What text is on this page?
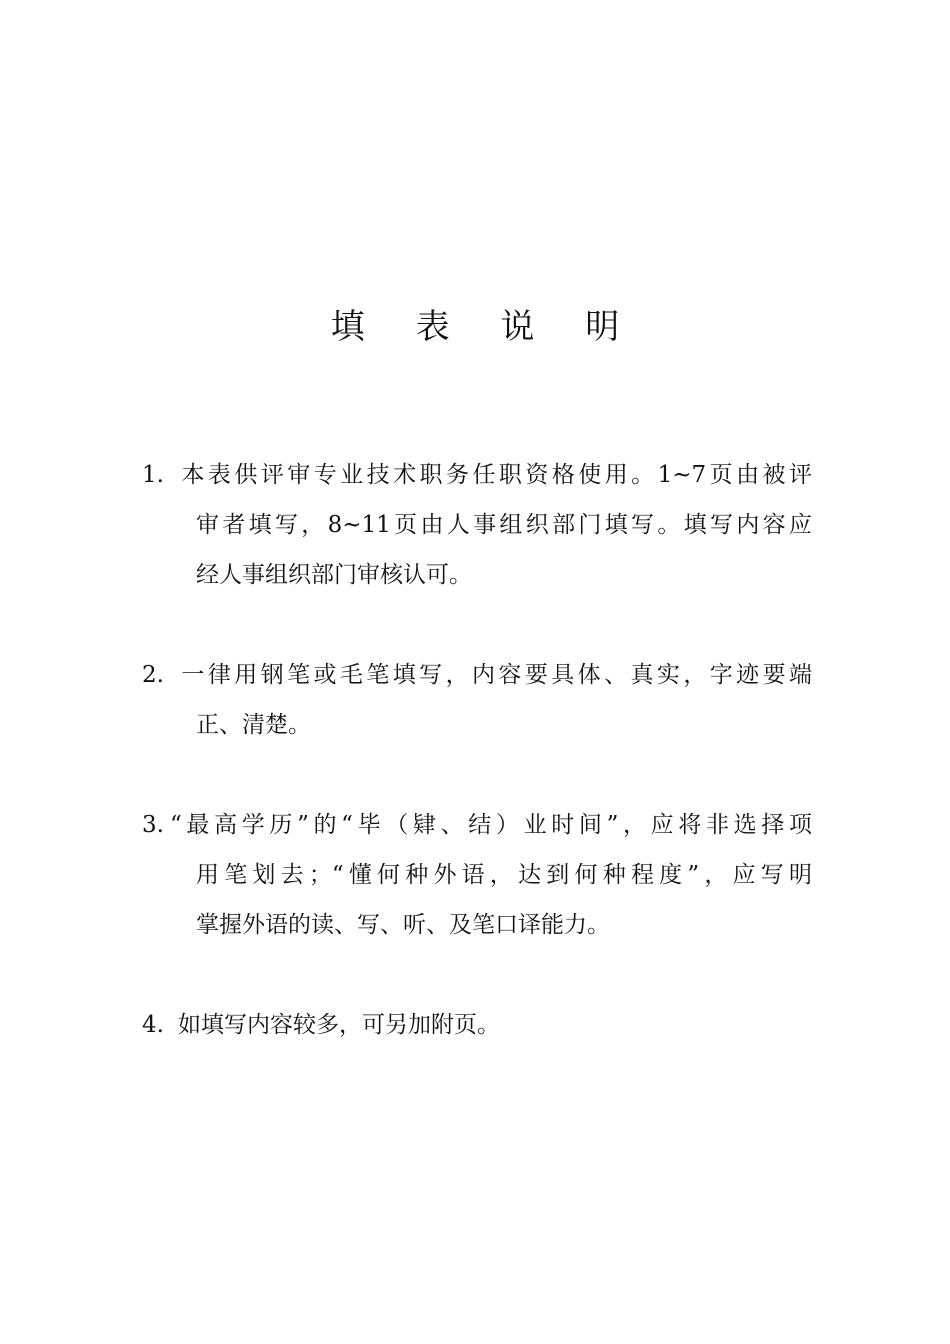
填 表 说 明
1. 本表供评审专业技术职务任职资格使用。1~7页由被评
审者填写，8~11页由人事组织部门填写。填写内容应
经人事组织部门审核认可。
2. 一律用钢笔或毛笔填写，内容要具体、真实，字迹要端
正、清楚。
3. “最高学历”的“毕（肄、结）业时间”，应将非选择项
用笔划去；“懂何种外语，达到何种程度”，应写明
掌握外语的读、写、听、及笔口译能力。
4. 如填写内容较多，可另加附页。
